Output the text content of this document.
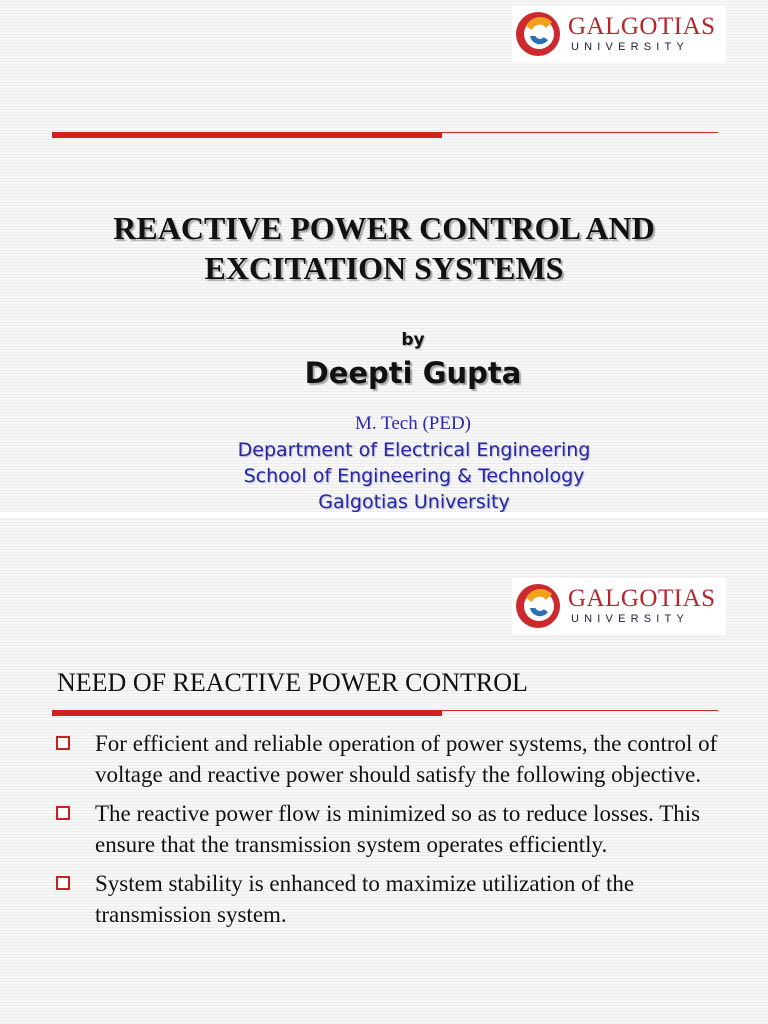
GALGOTIAS
UNIVERSITY
REACTIVE POWER CONTROL AND
EXCITATION SYSTEMS
by
Deepti Gupta
M. Tech (PED)
Department of Electrical Engineering
School of Engineering & Technology
Galgotias University
GALGOTIAS
UNIVERSITY
NEED OF REACTIVE POWER CONTROL
For efficient and reliable operation of power systems, the control of voltage and reactive power should satisfy the following objective.
The reactive power flow is minimized so as to reduce losses. This ensure that the transmission system operates efficiently.
System stability is enhanced to maximize utilization of the transmission system.
